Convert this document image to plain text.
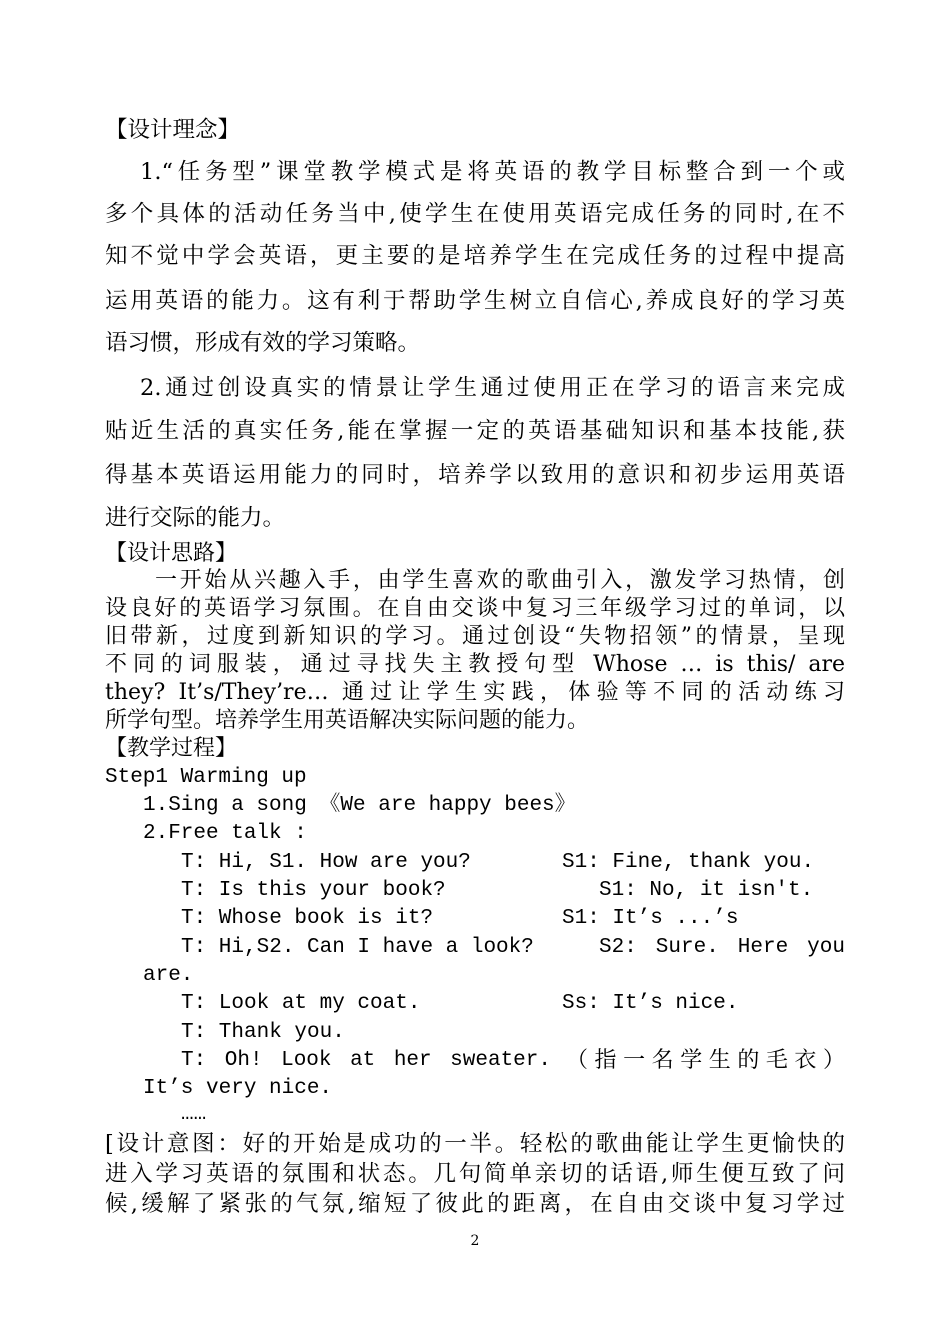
【设计理念】
1.“任务型”课堂教学模式是将英语的教学目标整合到一个或
多个具体的活动任务当中,使学生在使用英语完成任务的同时,在不
知不觉中学会英语，更主要的是培养学生在完成任务的过程中提高
运用英语的能力。这有利于帮助学生树立自信心,养成良好的学习英
语习惯，形成有效的学习策略。
2.通过创设真实的情景让学生通过使用正在学习的语言来完成
贴近生活的真实任务,能在掌握一定的英语基础知识和基本技能,获
得基本英语运用能力的同时，培养学以致用的意识和初步运用英语
进行交际的能力。
【设计思路】
一开始从兴趣入手，由学生喜欢的歌曲引入，激发学习热情，创
设良好的英语学习氛围。在自由交谈中复习三年级学习过的单词，以
旧带新，过度到新知识的学习。通过创设“失物招领”的情景，呈现
不同的词服装，通过寻找失主教授句型 Whose … is this/ are
they? It’s/They’re… 通过让学生实践，体验等不同的活动练习
所学句型。培养学生用英语解决实际问题的能力。
【教学过程】
Step1 Warming up
1.Sing a song 《We are happy bees》
2.Free talk :
T: Hi, S1. How are you?	S1: Fine, thank you.
T: Is this your book?	S1: No, it isn't.
T: Whose book is it?	S1: It’s ...’s
T: Hi,S2. Can I have a look?	S2: Sure. Here you
are.
T: Look at my coat.	Ss: It’s nice.
T: Thank you.
T: Oh! Look at her sweater. （指一名学生的毛衣）
It’s very nice.
……
[设计意图：好的开始是成功的一半。轻松的歌曲能让学生更愉快的
进入学习英语的氛围和状态。几句简单亲切的话语,师生便互致了问
候,缓解了紧张的气氛,缩短了彼此的距离，在自由交谈中复习学过
2
